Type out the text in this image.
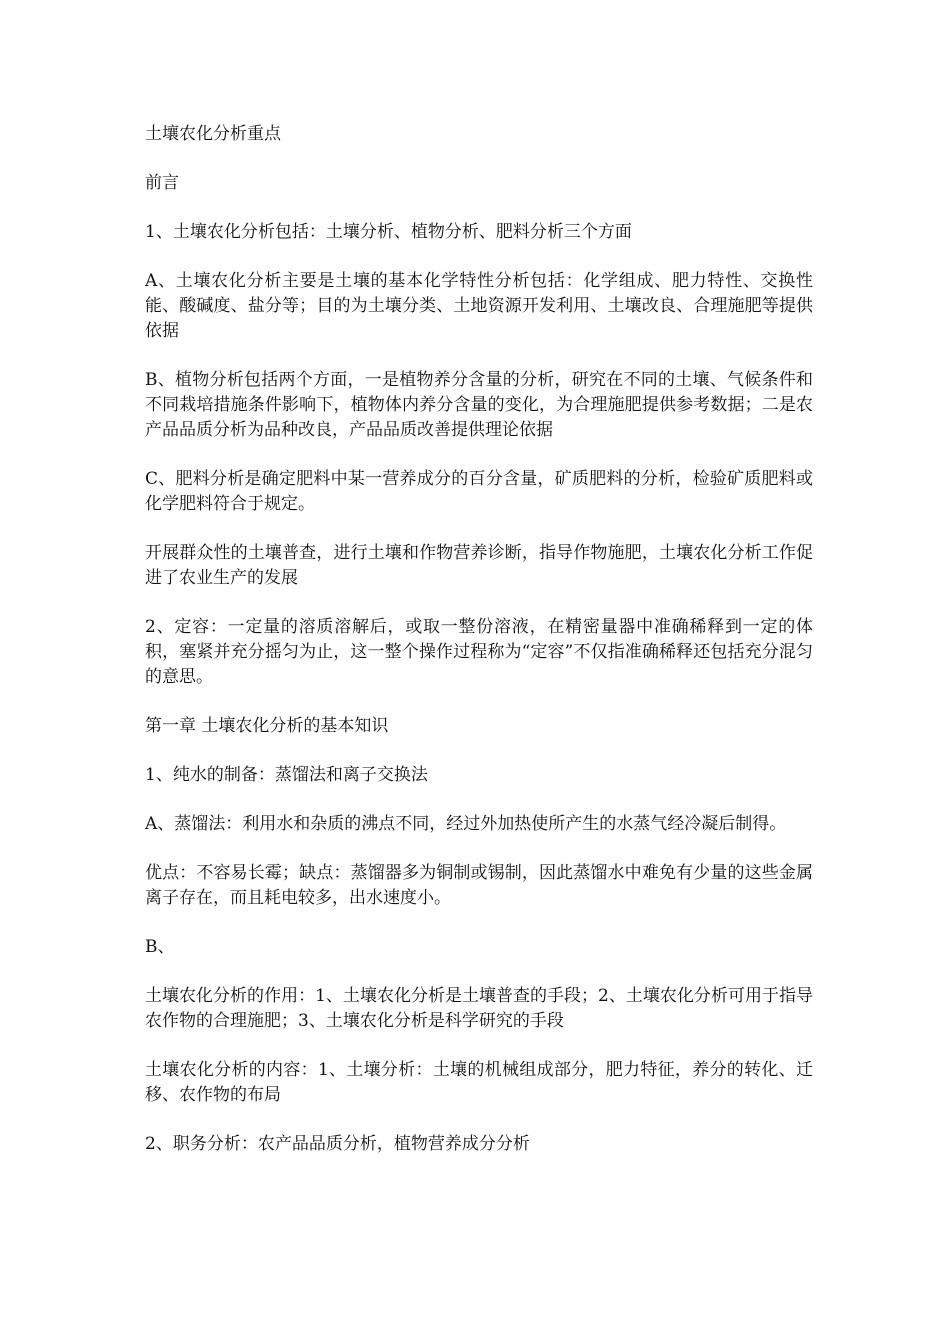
土壤农化分析重点

前言

1、土壤农化分析包括：土壤分析、植物分析、肥料分析三个方面

A、土壤农化分析主要是土壤的基本化学特性分析包括：化学组成、肥力特性、交换性能、酸碱度、盐分等；目的为土壤分类、土地资源开发利用、土壤改良、合理施肥等提供依据

B、植物分析包括两个方面，一是植物养分含量的分析，研究在不同的土壤、气候条件和不同栽培措施条件影响下，植物体内养分含量的变化，为合理施肥提供参考数据；二是农产品品质分析为品种改良，产品品质改善提供理论依据

C、肥料分析是确定肥料中某一营养成分的百分含量，矿质肥料的分析，检验矿质肥料或化学肥料符合于规定。

开展群众性的土壤普查，进行土壤和作物营养诊断，指导作物施肥，土壤农化分析工作促进了农业生产的发展

2、定容：一定量的溶质溶解后，或取一整份溶液，在精密量器中准确稀释到一定的体积，塞紧并充分摇匀为止，这一整个操作过程称为“定容”不仅指准确稀释还包括充分混匀的意思。

第一章 土壤农化分析的基本知识

1、纯水的制备：蒸馏法和离子交换法

A、蒸馏法：利用水和杂质的沸点不同，经过外加热使所产生的水蒸气经冷凝后制得。

优点：不容易长霉；缺点：蒸馏器多为铜制或锡制，因此蒸馏水中难免有少量的这些金属离子存在，而且耗电较多，出水速度小。

B、

土壤农化分析的作用：1、土壤农化分析是土壤普查的手段；2、土壤农化分析可用于指导农作物的合理施肥；3、土壤农化分析是科学研究的手段

土壤农化分析的内容：1、土壤分析：土壤的机械组成部分，肥力特征，养分的转化、迁移、农作物的布局

2、职务分析：农产品品质分析，植物营养成分分析
